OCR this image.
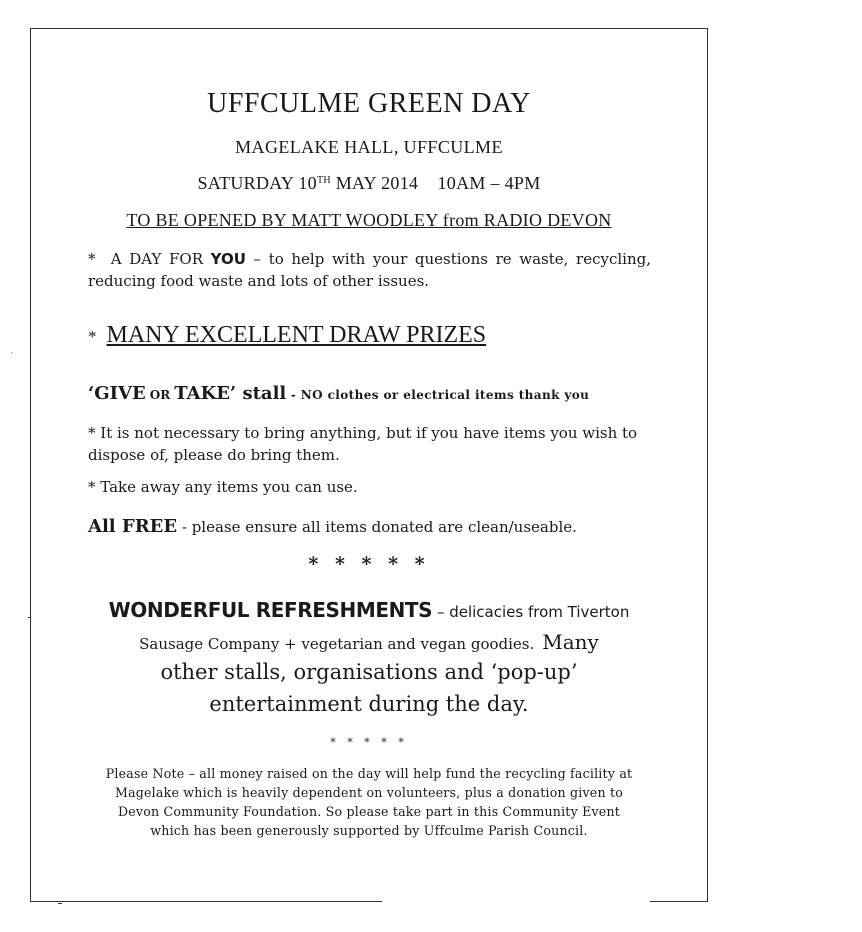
UFFCULME GREEN DAY
MAGELAKE HALL, UFFCULME
SATURDAY 10TH MAY 2014    10AM – 4PM
TO BE OPENED BY MATT WOODLEY from RADIO DEVON
*  A DAY FOR YOU – to help with your questions re waste, recycling, reducing food waste and lots of other issues.
* MANY EXCELLENT DRAW PRIZES
‘GIVE OR TAKE’ stall - NO clothes or electrical items thank you
* It is not necessary to bring anything, but if you have items you wish to dispose of, please do bring them.
* Take away any items you can use.
All FREE - please ensure all items donated are clean/useable.
* * * * *
WONDERFUL REFRESHMENTS – delicacies from Tiverton
Sausage Company + vegetarian and vegan goodies. Many
other stalls, organisations and ‘pop-up’
entertainment during the day.
* * * * *
Please Note – all money raised on the day will help fund the recycling facility at
Magelake which is heavily dependent on volunteers, plus a donation given to
Devon Community Foundation. So please take part in this Community Event
which has been generously supported by Uffculme Parish Council.
